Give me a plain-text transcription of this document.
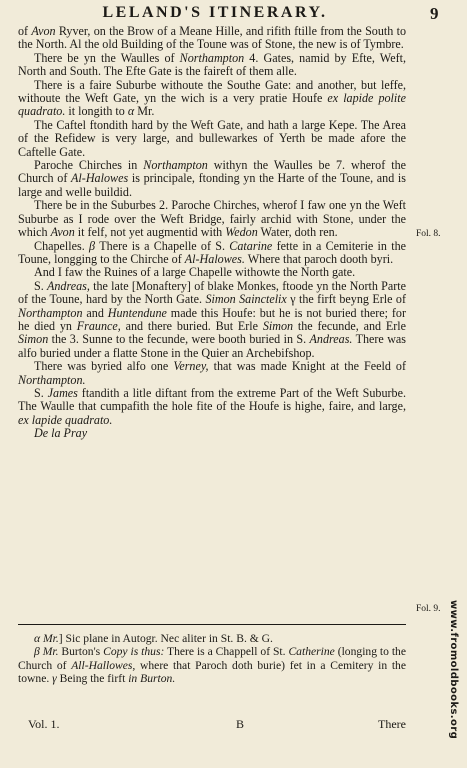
LELAND'S ITINERARY.	9

of Avon Ryver, on the Brow of a Meane Hille, and rifith ftille from the South to the North. Al the old Building of the Toune was of Stone, the new is of Tymbre.

There be yn the Waulles of Northampton 4. Gates, namid by Efte, Weft, North and South. The Efte Gate is the faireft of them alle.

There is a faire Suburbe withoute the Southe Gate: and another, but leffe, withoute the Weft Gate, yn the wich is a very pratie Houfe ex lapide polite quadrato. it longith to α Mr.

The Caftel ftondith hard by the Weft Gate, and hath a large Kepe. The Area of the Refidew is very large, and bullewarkes of Yerth be made afore the Caftelle Gate.

Paroche Chirches in Northampton withyn the Waulles be 7. wherof the Church of Al-Halowes is principale, ftonding yn the Harte of the Toune, and is large and welle buildid.

There be in the Suburbes 2. Paroche Chirches, wherof I faw one yn the Weft Suburbe as I rode over the Weft Bridge, fairly archid with Stone, under the which Avon it felf, not yet augmentid with Wedon Water, doth ren.

Chapelles. β There is a Chapelle of S. Catarine fette in a Cemiterie in the Toune, longging to the Chirche of Al-Halowes. Where that paroch dooth byri.

And I faw the Ruines of a large Chapelle withowte the North gate.

S. Andreas, the late [Monaftery] of blake Monkes, ftoode yn the North Parte of the Toune, hard by the North Gate. Simon Sainctelix γ the firft beyng Erle of Northampton and Huntendune made this Houfe: but he is not buried there; for he died yn Fraunce, and there buried. But Erle Simon the fecunde, and Erle Simon the 3. Sunne to the fecunde, were booth buried in S. Andreas. There was alfo buried under a flatte Stone in the Quier an Archebifshop.

There was byried alfo one Verney, that was made Knight at the Feeld of Northampton.

S. James ftandith a litle diftant from the extreme Part of the Weft Suburbe. The Waulle that cumpafith the hole fite of the Houfe is highe, faire, and large, ex lapide quadrato.

De la Pray

Fol. 8.
Fol. 9.

α Mr.] Sic plane in Autogr. Nec aliter in St. B. & G.

β Mr. Burton's Copy is thus: There is a Chappell of St. Catherine (longing to the Church of All-Hallowes, where that Paroch doth burie) fet in a Cemitery in the towne. γ Being the firft in Burton.

Vol. 1.	B	There	www.fromoldbooks.org
